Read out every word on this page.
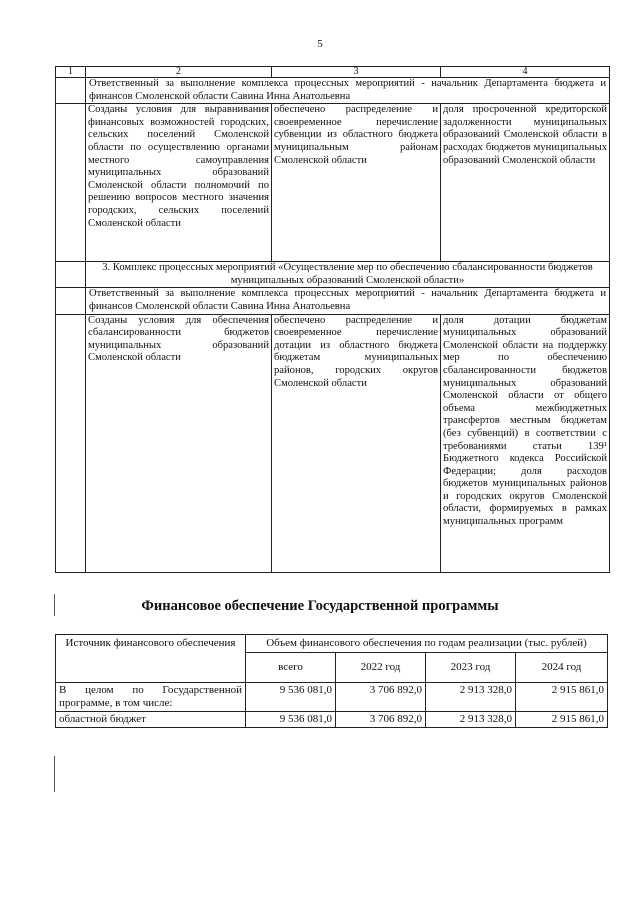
5
1	2	3	4
	Ответственный за выполнение комплекса процессных мероприятий - начальник Департамента бюджета и финансов Смоленской области Савина Инна Анатольевна		
	Созданы условия для выравнивания финансовых возможностей городских, сельских поселений Смоленской области по осуществлению органами местного самоуправления муниципальных образований Смоленской области полномочий по решению вопросов местного значения городских, сельских поселений Смоленской области	обеспечено распределение и своевременное перечисление субвенции из областного бюджета муниципальным районам Смоленской области	доля просроченной кредиторской задолженности муниципальных образований Смоленской области в расходах бюджетов муниципальных образований Смоленской области
	3. Комплекс процессных мероприятий «Осуществление мер по обеспечению сбалансированности бюджетов муниципальных образований Смоленской области»		
	Ответственный за выполнение комплекса процессных мероприятий - начальник Департамента бюджета и финансов Смоленской области Савина Инна Анатольевна		
	Созданы условия для обеспечения сбалансированности бюджетов муниципальных образований Смоленской области	обеспечено распределение и своевременное перечисление дотации из областного бюджета бюджетам муниципальных районов, городских округов Смоленской области	доля дотации бюджетам муниципальных образований Смоленской области на поддержку мер по обеспечению сбалансированности бюджетов муниципальных образований Смоленской области от общего объема межбюджетных трансфертов местным бюджетам (без субвенций) в соответствии с требованиями статьи 139¹ Бюджетного кодекса Российской Федерации; доля расходов бюджетов муниципальных районов и городских округов Смоленской области, формируемых в рамках муниципальных программ
Финансовое обеспечение Государственной программы
Источник финансового обеспечения	Объем финансового обеспечения по годам реализации (тыс. рублей)			
	всего	2022 год	2023 год	2024 год
В целом по Государственной программе, в том числе:	9 536 081,0	3 706 892,0	2 913 328,0	2 915 861,0
областной бюджет	9 536 081,0	3 706 892,0	2 913 328,0	2 915 861,0
